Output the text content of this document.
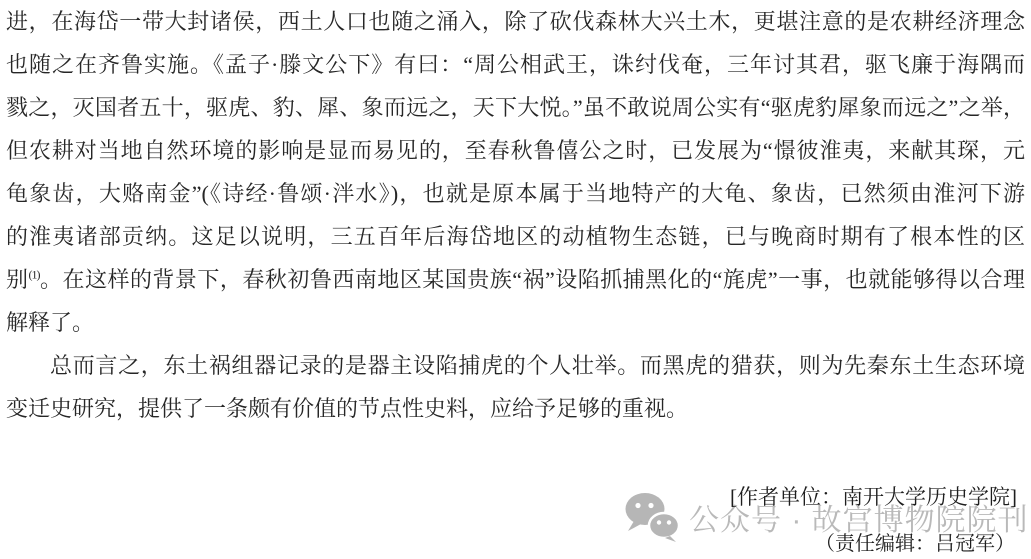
进，在海岱一带大封诸侯，西土人口也随之涌入，除了砍伐森林大兴土木，更堪注意的是农耕经济理念
也随之在齐鲁实施。《孟子·滕文公下》有曰：“周公相武王，诛纣伐奄，三年讨其君，驱飞廉于海隅而
戮之，灭国者五十，驱虎、豹、犀、象而远之，天下大悦。”虽不敢说周公实有“驱虎豹犀象而远之”之举，
但农耕对当地自然环境的影响是显而易见的，至春秋鲁僖公之时，已发展为“憬彼淮夷，来献其琛，元
龟象齿，大赂南金”(《诗经·鲁颂·泮水》)，也就是原本属于当地特产的大龟、象齿，已然须由淮河下游
的淮夷诸部贡纳。这足以说明，三五百年后海岱地区的动植物生态链，已与晚商时期有了根本性的区
别$^{(1)}$。在这样的背景下，春秋初鲁西南地区某国贵族“祸”设陷抓捕黑化的“旄虎”一事，也就能够得以合理
解释了。
总而言之，东土祸组器记录的是器主设陷捕虎的个人壮举。而黑虎的猎获，则为先秦东土生态环境
变迁史研究，提供了一条颇有价值的节点性史料，应给予足够的重视。
公众号 · 故宫博物院院刊
[作者单位：南开大学历史学院]
（责任编辑：吕冠军）
